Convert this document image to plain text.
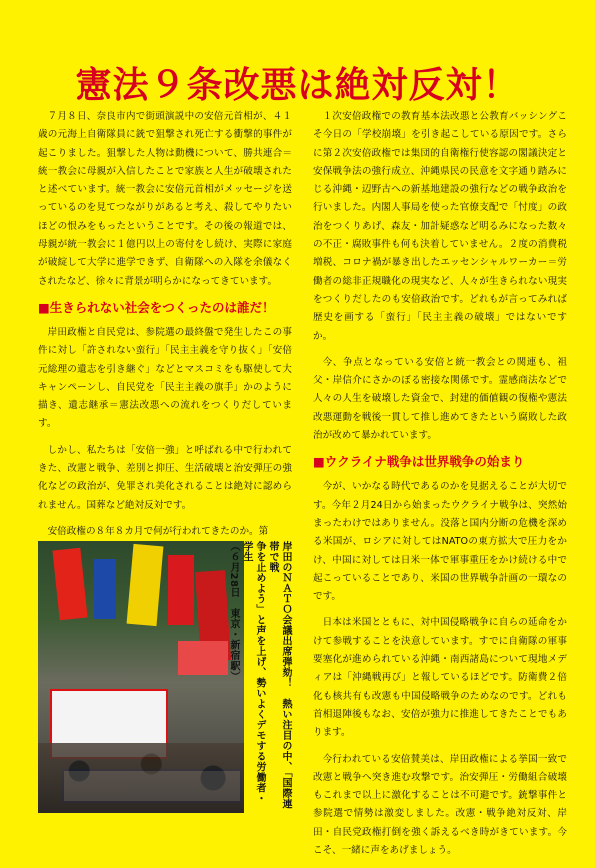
憲法９条改悪は絶対反対！

７月８日、奈良市内で街頭演説中の安倍元首相が、４１歳の元海上自衛隊員に銃で狙撃され死亡する衝撃的事件が起こりました。狙撃した人物は動機について、勝共連合＝統一教会に母親が入信したことで家族と人生が破壊されたと述べています。統一教会に安倍元首相がメッセージを送っているのを見てつながりがあると考え、殺してやりたいほどの恨みをもったということです。その後の報道では、母親が統一教会に１億円以上の寄付をし続け、実際に家庭が破綻して大学に進学できず、自衛隊への入隊を余儀なくされたなど、徐々に背景が明らかになってきています。

■生きられない社会をつくったのは誰だ！

岸田政権と自民党は、参院選の最終盤で発生したこの事件に対し「許されない蛮行」「民主主義を守り抜く」「安倍元総理の遺志を引き継ぐ」などとマスコミをも駆使して大キャンペーンし、自民党を「民主主義の旗手」かのように描き、遺志継承＝憲法改悪への流れをつくりだしています。

しかし、私たちは「安倍一強」と呼ばれる中で行われてきた、改憲と戦争、差別と抑圧、生活破壊と治安弾圧の強化などの政治が、免罪され美化されることは絶対に認められません。国葬など絶対反対です。

安倍政権の８年８カ月で何が行われてきたのか。第

岸田のＮＡＴＯ会議出席弾劾！　熱い注目の中、「国際連帯で戦
争を止めよう」と声を上げ、勢いよくデモする労働者・学生
（６月28日　東京・新宿駅）

１次安倍政権での教育基本法改悪と公教育バッシングこそ今日の「学校崩壊」を引き起こしている原因です。さらに第２次安倍政権では集団的自衛権行使容認の閣議決定と安保戦争法の強行成立、沖縄県民の民意を文字通り踏みにじる沖縄・辺野古への新基地建設の強行などの戦争政治を行いました。内閣人事局を使った官僚支配で「忖度」の政治をつくりあげ、森友・加計疑惑など明るみになった数々の不正・腐敗事件も何も決着していません。２度の消費税増税、コロナ禍が暴き出したエッセンシャルワーカー＝労働者の総非正規職化の現実など、人々が生きられない現実をつくりだしたのも安倍政治です。どれもが言ってみれば歴史を画する「蛮行」「民主主義の破壊」ではないですか。

今、争点となっている安倍と統一教会との関連も、祖父・岸信介にさかのぼる密接な関係です。霊感商法などで人々の人生を破壊した資金で、封建的価値観の復権や憲法改悪運動を戦後一貫して推し進めてきたという腐敗した政治が改めて暴かれています。

■ウクライナ戦争は世界戦争の始まり

今が、いかなる時代であるのかを見据えることが大切です。今年２月24日から始まったウクライナ戦争は、突然始まったわけではありません。没落と国内分断の危機を深める米国が、ロシアに対してはNATOの東方拡大で圧力をかけ、中国に対しては日米一体で軍事重圧をかけ続ける中で起こっていることであり、米国の世界戦争計画の一環なのです。

日本は米国とともに、対中国侵略戦争に自らの延命をかけて参戦することを決意しています。すでに自衛隊の軍事要塞化が進められている沖縄・南西諸島について現地メディアは「沖縄戦再び」と報しているほどです。防衛費２倍化も核共有も改憲も中国侵略戦争のためなのです。どれも首相退陣後もなお、安倍が強力に推進してきたことでもあります。

今行われている安倍賛美は、岸田政権による挙国一致で改憲と戦争へ突き進む攻撃です。治安弾圧・労働組合破壊もこれまで以上に激化することは不可避です。銃撃事件と参院選で情勢は激変しました。改憲・戦争絶対反対、岸田・自民党政権打倒を強く訴えるべき時がきています。今こそ、一緒に声をあげましょう。
